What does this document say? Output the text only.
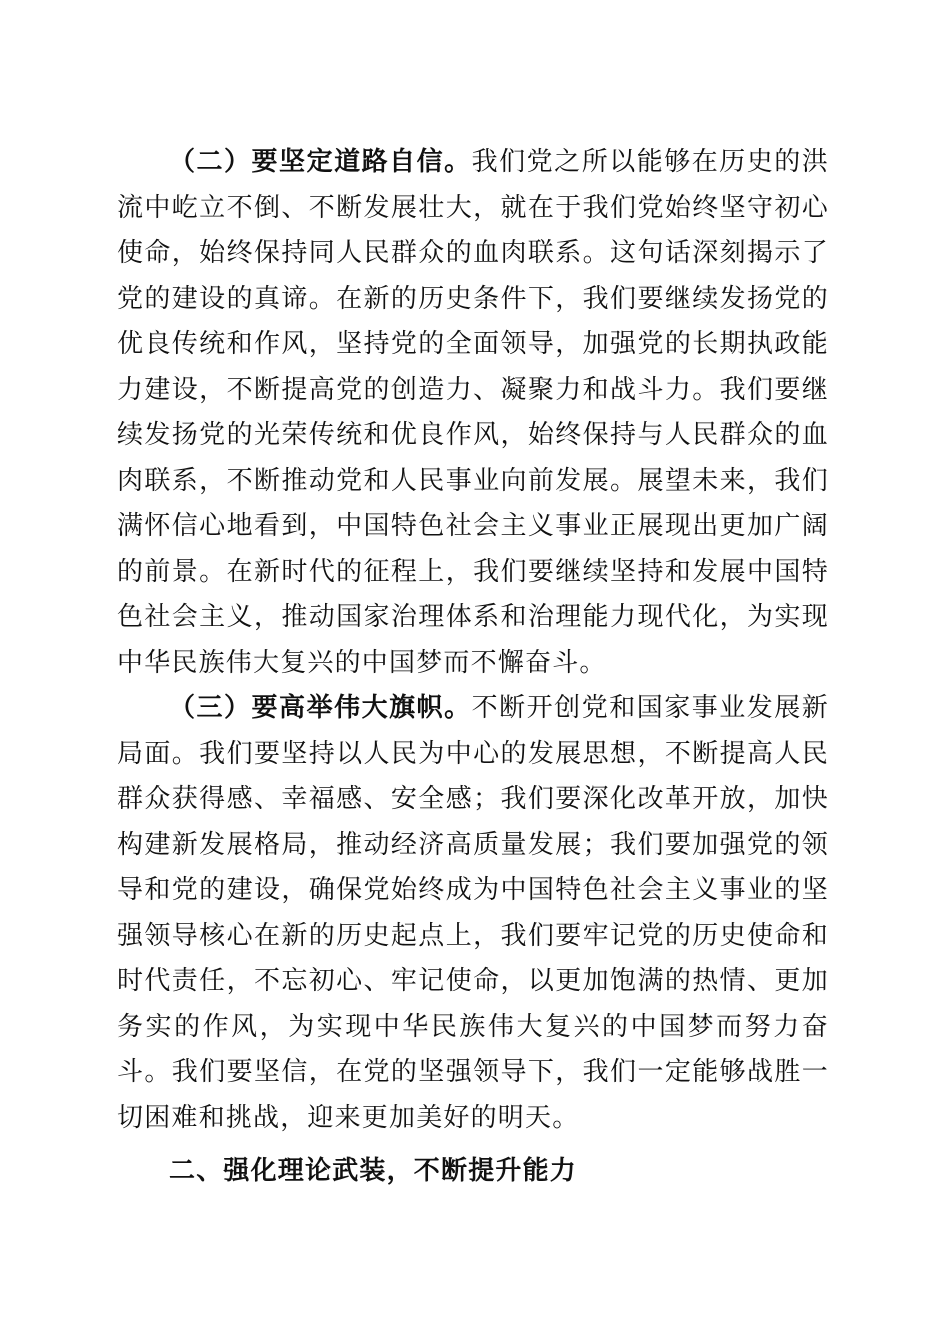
（二）要坚定道路自信。我们党之所以能够在历史的洪流中屹立不倒、不断发展壮大，就在于我们党始终坚守初心使命，始终保持同人民群众的血肉联系。这句话深刻揭示了党的建设的真谛。在新的历史条件下，我们要继续发扬党的优良传统和作风，坚持党的全面领导，加强党的长期执政能力建设，不断提高党的创造力、凝聚力和战斗力。我们要继续发扬党的光荣传统和优良作风，始终保持与人民群众的血肉联系，不断推动党和人民事业向前发展。展望未来，我们满怀信心地看到，中国特色社会主义事业正展现出更加广阔的前景。在新时代的征程上，我们要继续坚持和发展中国特色社会主义，推动国家治理体系和治理能力现代化，为实现中华民族伟大复兴的中国梦而不懈奋斗。

（三）要高举伟大旗帜。不断开创党和国家事业发展新局面。我们要坚持以人民为中心的发展思想，不断提高人民群众获得感、幸福感、安全感；我们要深化改革开放，加快构建新发展格局，推动经济高质量发展；我们要加强党的领导和党的建设，确保党始终成为中国特色社会主义事业的坚强领导核心在新的历史起点上，我们要牢记党的历史使命和时代责任，不忘初心、牢记使命，以更加饱满的热情、更加务实的作风，为实现中华民族伟大复兴的中国梦而努力奋斗。我们要坚信，在党的坚强领导下，我们一定能够战胜一切困难和挑战，迎来更加美好的明天。

二、强化理论武装，不断提升能力
